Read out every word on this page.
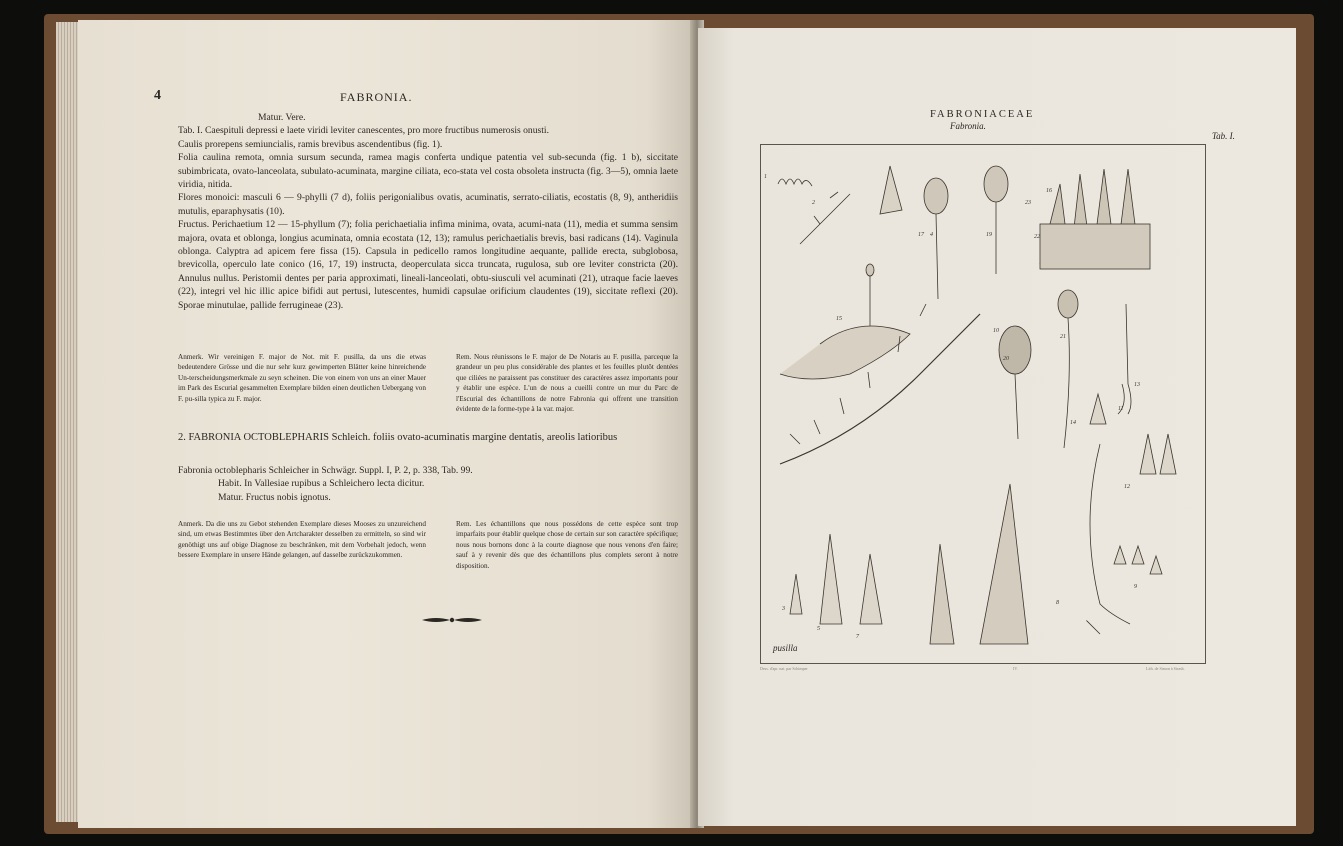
4	FABRONIA.

Matur. Vere.

Tab. I. Caespituli depressi e laete viridi leviter canescentes, pro more fructibus numerosis onusti.

Caulis prorepens semiuncialis, ramis brevibus ascendentibus (fig. 1).

Folia caulina remota, omnia sursum secunda, ramea magis conferta undique patentia vel sub-secunda (fig. 1 b), siccitate subimbricata, ovato-lanceolata, subulato-acuminata, margine ciliata, eco-stata vel costa obsoleta instructa (fig. 3—5), omnia laete viridia, nitida.

Flores monoici: masculi 6 — 9-phylli (7 d), foliis perigonialibus ovatis, acuminatis, serrato-ciliatis, ecostatis (8, 9), antheridiis mutulis, eparaphysatis (10).

Fructus. Perichaetium 12 — 15-phyllum (7); folia perichaetialia infima minima, ovata, acumi-nata (11), media et summa sensim majora, ovata et oblonga, longius acuminata, omnia ecostata (12, 13); ramulus perichaetialis brevis, basi radicans (14). Vaginula oblonga. Calyptra ad apicem fere fissa (15). Capsula in pedicello ramos longitudine aequante, pallide erecta, subglobosa, brevicolla, operculo late conico (16, 17, 19) instructa, deoperculata sicca truncata, rugulosa, sub ore leviter constricta (20). Annulus nullus. Peristomii dentes per paria approximati, lineali-lanceolati, obtu-siusculi vel acuminati (21), utraque facie laeves (22), integri vel hic illic apice bifidi aut pertusi, lutescentes, humidi capsulae orificium claudentes (19), siccitate reflexi (20). Sporae minutulae, pallide ferrugineae (23).

Anmerk. Wir vereinigen F. major de Not. mit F. pusilla, da uns die etwas bedeutendere Grösse und die nur sehr kurz gewimperten Blätter keine hinreichende Un-terscheidungsmerkmale zu seyn scheinen. Die von einem von uns an einer Mauer im Park des Escurial gesammelten Exemplare bilden einen deutlichen Uebergang von F. pu-silla typica zu F. major.
Rem. Nous réunissons le F. major de De Notaris au F. pusilla, parceque la grandeur un peu plus considérable des plantes et les feuilles plutôt dentées que ciliées ne paraissent pas constituer des caractères assez importants pour y établir une espèce. L'un de nous a cueilli contre un mur du Parc de l'Escurial des échantillons de notre Fabronia qui offrent une transition évidente de la forme-type à la var. major.
2. FABRONIA OCTOBLEPHARIS Schleich. foliis ovato-acuminatis margine dentatis, areolis latioribus

Fabronia octoblepharis Schleicher in Schwägr. Suppl. I, P. 2, p. 338, Tab. 99.

Habit. In Vallesiae rupibus a Schleichero lecta dicitur.

Matur. Fructus nobis ignotus.

Anmerk. Da die uns zu Gebot stehenden Exemplare dieses Mooses zu unzureichend sind, um etwas Bestimmtes über den Artcharakter desselben zu ermitteln, so sind wir genöthigt uns auf obige Diagnose zu beschränken, mit dem Vorbehalt jedoch, wenn bessere Exemplare in unsere Hände gelangen, auf dasselbe zurückzukommen.
Rem. Les échantillons que nous possédons de cette espèce sont trop imparfaits pour établir quelque chose de certain sur son caractère spécifique; nous nous bornons donc à la courte diagnose que nous venons d'en faire; sauf à y revenir dès que des échantillons plus complets seront à notre disposition.
FABRONIACEAE
Fabronia.
Tab. I.
pusilla
Dess. d'apr. nat. par Schimper	IV.	Lith. de Simon à Strasb.
1
2
3
4
5
7
8
9
10
11
12
13
14
15
16
17	19
20
21
22
23
